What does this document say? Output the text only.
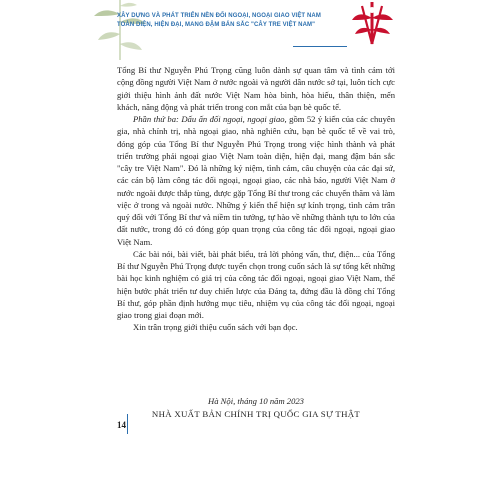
XÂY DỰNG VÀ PHÁT TRIỂN NỀN ĐỐI NGOẠI, NGOẠI GIAO VIỆT NAM
TOÀN DIỆN, HIỆN ĐẠI, MANG ĐẬM BẢN SẮC "CÂY TRE VIỆT NAM"

Tổng Bí thư Nguyễn Phú Trọng cũng luôn dành sự quan tâm và tình cảm tới cộng đồng người Việt Nam ở nước ngoài và người dân nước sở tại, luôn tích cực giới thiệu hình ảnh đất nước Việt Nam hòa bình, hòa hiếu, thân thiện, mến khách, năng động và phát triển trong con mắt của bạn bè quốc tế.

Phần thứ ba: Dấu ấn đối ngoại, ngoại giao, gồm 52 ý kiến của các chuyên gia, nhà chính trị, nhà ngoại giao, nhà nghiên cứu, bạn bè quốc tế về vai trò, đóng góp của Tổng Bí thư Nguyễn Phú Trọng trong việc hình thành và phát triển trường phái ngoại giao Việt Nam toàn diện, hiện đại, mang đậm bản sắc "cây tre Việt Nam". Đó là những kỷ niệm, tình cảm, câu chuyện của các đại sứ, các cán bộ làm công tác đối ngoại, ngoại giao, các nhà báo, người Việt Nam ở nước ngoài được thắp tùng, được gặp Tổng Bí thư trong các chuyến thăm và làm việc ở trong và ngoài nước. Những ý kiến thể hiện sự kính trọng, tình cảm trân quý đối với Tổng Bí thư và niềm tin tưởng, tự hào về những thành tựu to lớn của đất nước, trong đó có đóng góp quan trọng của công tác đối ngoại, ngoại giao Việt Nam.

Các bài nói, bài viết, bài phát biểu, trả lời phỏng vấn, thư, điện... của Tổng Bí thư Nguyễn Phú Trọng được tuyển chọn trong cuốn sách là sự tổng kết những bài học kinh nghiệm có giá trị của công tác đối ngoại, ngoại giao Việt Nam, thể hiện bước phát triển tư duy chiến lược của Đảng ta, đứng đầu là đồng chí Tổng Bí thư, góp phần định hướng mục tiêu, nhiệm vụ của công tác đối ngoại, ngoại giao trong giai đoạn mới.

Xin trân trọng giới thiệu cuốn sách với bạn đọc.

Hà Nội, tháng 10 năm 2023
NHÀ XUẤT BẢN CHÍNH TRỊ QUỐC GIA SỰ THẬT
14
